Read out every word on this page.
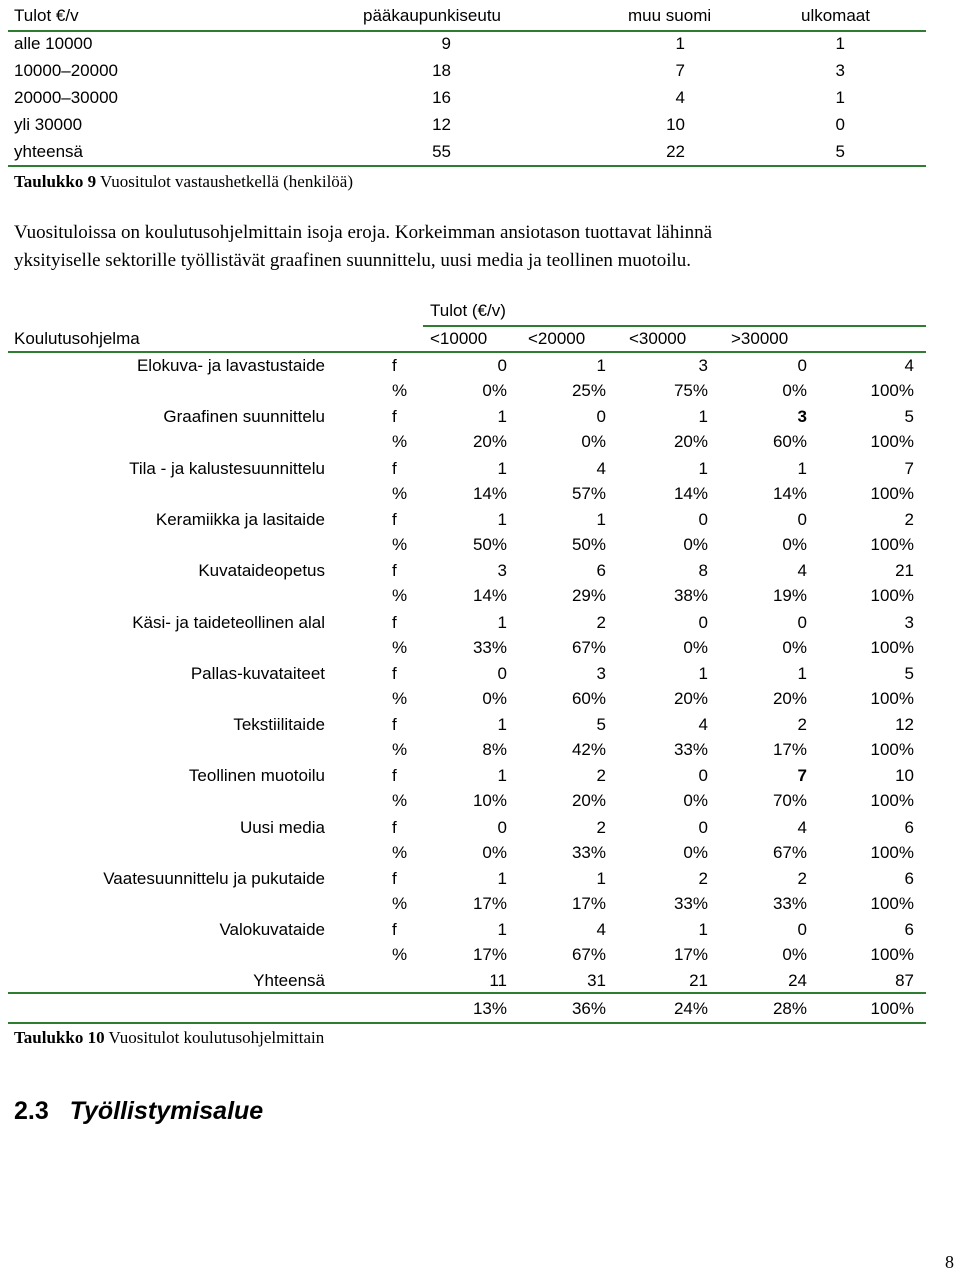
Tulot €/v	pääkaupunkiseutu	muu suomi	ulkomaat
alle 10000	9	1	1
10000–20000	18	7	3
20000–30000	16	4	1
yli 30000	12	10	0
yhteensä	55	22	5
Taulukko 9 Vuositulot vastaushetkellä (henkilöä)
Vuosituloissa on koulutusohjelmittain isoja eroja. Korkeimman ansiotason tuottavat lähinnä
yksityiselle sektorille työllistävät graafinen suunnittelu, uusi media ja teollinen muotoilu.
Tulot (€/v)
Koulutusohjelma	<10000 <20000	<30000	>30000
Elokuva- ja lavastustaide	f	0	1	3	0	4
%	0%	25%	75%	0%	100%
Graafinen suunnittelu	f	1	0	1	3	5
%	20%	0%	20%	60%	100%
Tila - ja kalustesuunnittelu	f	1	4	1	1	7
%	14%	57%	14%	14%	100%
Keramiikka ja lasitaide	f	1	1	0	0	2
%	50%	50%	0%	0%	100%
Kuvataideopetus	f	3	6	8	4	21
%	14%	29%	38%	19%	100%
Käsi- ja taideteollinen alal	f	1	2	0	0	3
%	33%	67%	0%	0%	100%
Pallas-kuvataiteet	f	0	3	1	1	5
%	0%	60%	20%	20%	100%
Tekstiilitaide	f	1	5	4	2	12
%	8%	42%	33%	17%	100%
Teollinen muotoilu	f	1	2	0	7	10
%	10%	20%	0%	70%	100%
Uusi media	f	0	2	0	4	6
%	0%	33%	0%	67%	100%
Vaatesuunnittelu ja pukutaide	f	1	1	2	2	6
%	17%	17%	33%	33%	100%
Valokuvataide	f	1	4	1	0	6
%	17%	67%	17%	0%	100%
Yhteensä	11	31	21	24	87
13%	36%	24%	28%	100%
Taulukko 10 Vuositulot koulutusohjelmittain
2.3 Työllistymisalue
8
